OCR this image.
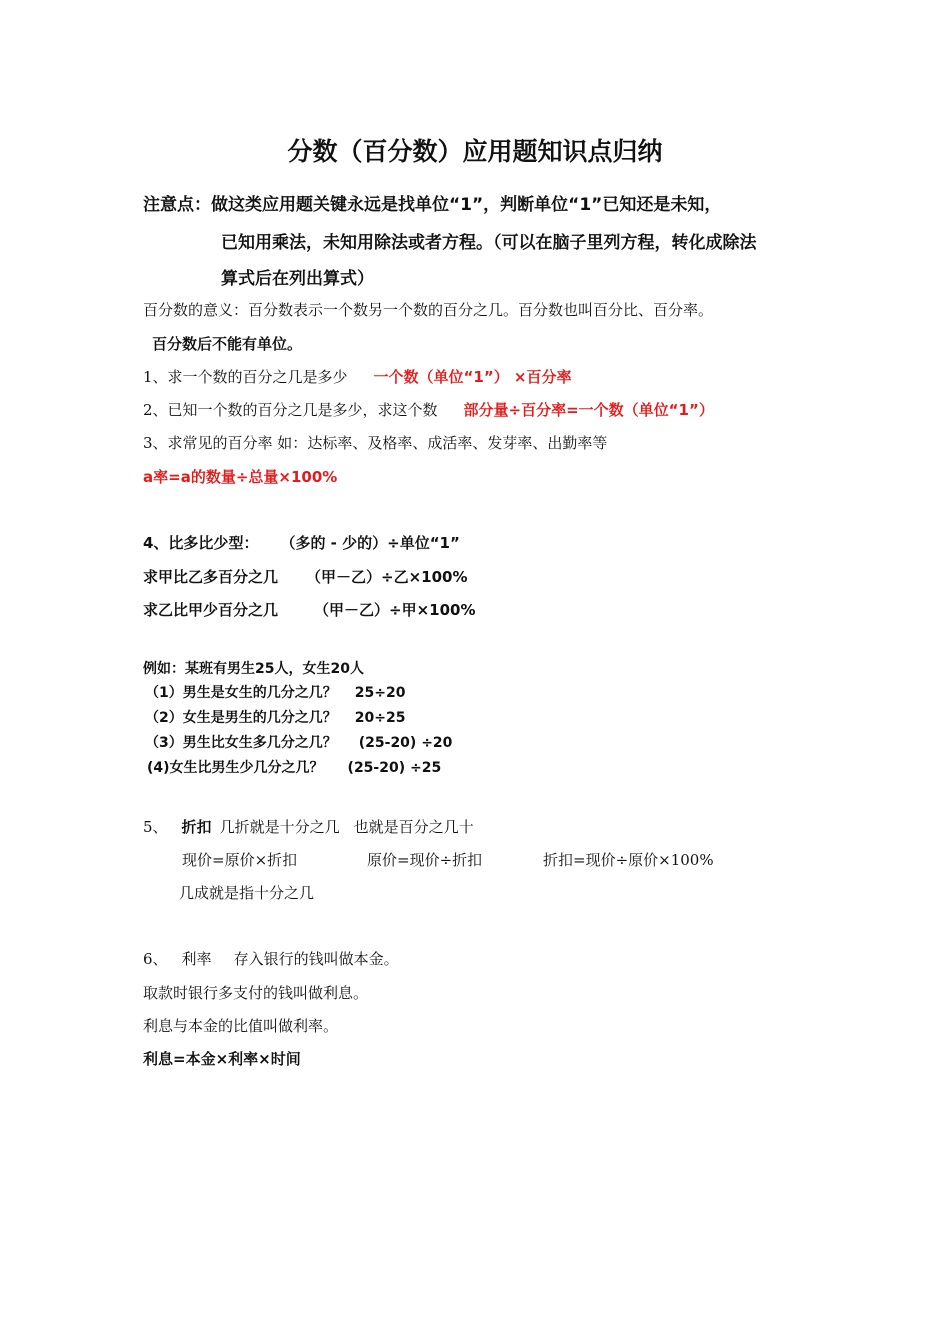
分数（百分数）应用题知识点归纳
注意点：做这类应用题关键永远是找单位“1”，判断单位“1”已知还是未知，
已知用乘法，未知用除法或者方程。（可以在脑子里列方程，转化成除法
算式后在列出算式）
百分数的意义：百分数表示一个数另一个数的百分之几。百分数也叫百分比、百分率。
百分数后不能有单位。
1、求一个数的百分之几是多少 一个数（单位“1”） ×百分率
2、已知一个数的百分之几是多少，求这个数 部分量÷百分率=一个数（单位“1”）
3、求常见的百分率 如：达标率、及格率、成活率、发芽率、出勤率等
a率=a的数量÷总量×100%
4、比多比少型： （多的 - 少的）÷单位“1”
求甲比乙多百分之几 （甲－乙）÷乙×100%
求乙比甲少百分之几 （甲－乙）÷甲×100%
例如：某班有男生25人，女生20人
（1）男生是女生的几分之几？ 25÷20
（2）女生是男生的几分之几？ 20÷25
（3）男生比女生多几分之几？ (25-20) ÷20
(4)女生比男生少几分之几？ (25-20) ÷25
5、 折扣 几折就是十分之几 也就是百分之几十
现价=原价×折扣	原价=现价÷折扣	折扣=现价÷原价×100%
几成就是指十分之几
6、 利率 存入银行的钱叫做本金。
取款时银行多支付的钱叫做利息。
利息与本金的比值叫做利率。
利息=本金×利率×时间
